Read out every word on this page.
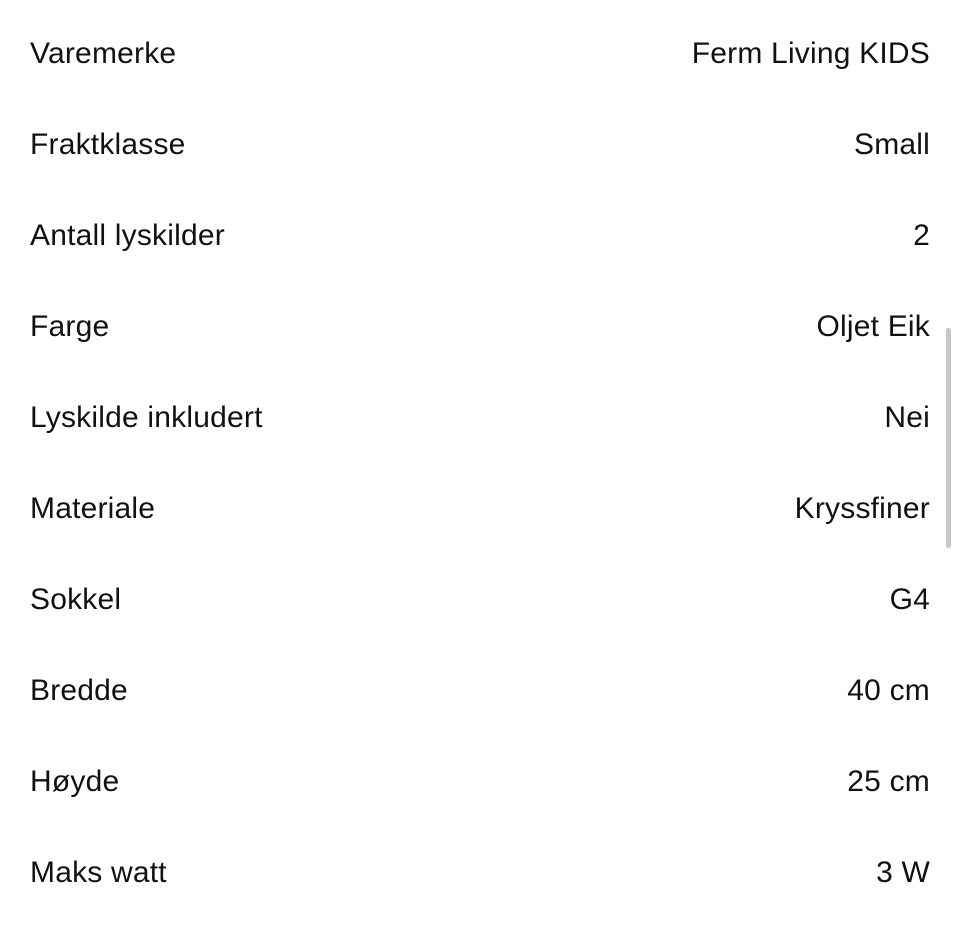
Varemerke	Ferm Living KIDS
Fraktklasse	Small
Antall lyskilder	2
Farge	Oljet Eik
Lyskilde inkludert	Nei
Materiale	Kryssfiner
Sokkel	G4
Bredde	40 cm
Høyde	25 cm
Maks watt	3 W
